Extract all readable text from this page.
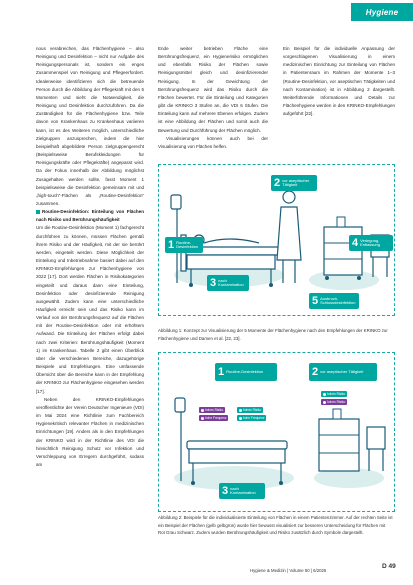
Hygiene

nous verabreichen, das Flächenhygiene – also Reinigung und Desinfektion – nicht nur Aufgabe des Reinigungspersonals ist, sondern ein enges Zusammenspiel von Reinigung und Pflegeerfordert. Idealerweise identifizieren sich die betreuende Person durch die Abbildung der Pflegekraft mit den 5 Momenten und sieht die Notwendigkeit, die Reinigung und Desinfektion durchzuführen. Da die Zuständigkeit für die Flächenhygiene bzw. Teile davon von Krankenhaus zu Krankenhaus variieren kann, ist es des Weiteren möglich, unterschiedliche Zielgruppen anzusprechen, indem die hier beispielhaft abgebildete Person zielgruppengerecht (Beispielsweise Berufskleidungen für Reinigungskräfte oder Pflegekräfte) angepasst wird. Da der Fokus innerhalb der Abbildung möglichst Zusagehalten werden sollte, fasst Moment 1 beispielsweise die Desinfektion gemeinsam mit und „high-touch“-Flächen als „Routine-Desinfektion“ zusammen.

Routine-Desinfektion: Einteilung von Flächen nach Risiko und Berührungshäufigkeit

Um die Routine-Desinfektion (Moment 1) fachgerecht durchführen zu können, müssen Flächen gemäß ihrem Risiko und der Häufigkeit, mit der sie berührt werden, eingeteilt werden. Diese Möglichkeit der Einteilung und Inbetriebnahme basiert dabei auf den KRINKO-Empfehlungen zur Flächenhygiene von 2022 [17]. Dort werden Flächen in Risikokategorien eingeteilt und daraus dann eine Einteilung, Desinfektion oder desinfizierende Reinigung ausgewählt. Zudem kann eine unterschiedliche Häufigkeit erreicht sein und das Risiko kann im Verlauf von der Berührungsfrequenz auf die Flächen mit der Routine-Desinfektion oder mit erhöhtem Aufwand. Die Einteilung der Flächen erfolgt dabei nach zwei Kriterien: Berührungshäufigkeit (Moment 1) im Krankenhaus. Tabelle 2 gibt einen Überblick über die verschiedenen Bereiche, dazugehörige Beispiele und Empfehlungen. Eine umfassende Übersicht über die Bereiche kann in der Empfehlung der KRINKO zur Flächenhygiene eingesehen werden [17].

Neben den KRINKO-Empfehlungen veröffentlichte der Verein Deutscher Ingenieure (VDI) im Mai 2024 eine Richtlinie zum Fachbereich Hygienekritisch relevanter Flächen in medizinischen Einrichtungen [19]. Anders als in den Empfehlungen der KRINKO wird in der Richtlinie des VDI die hinsichtlich Reinigung Schutz vor Infektion und Verschleppung von Erregern durchgeführt, sodass am

Ende weiter betrieben Fläche eine Berührungsfrequenz, ein Hygienerisiko ermöglichen und ebenfalls Risiko der Flächen sowie Reinigungsmittel gleich und desinfizierender Reinigung. In der Gewichtung der Berührungsfrequenz wird das Risiko durch die Flächen bewertet. Für die Einteilung und Kategorien gibt die KRINKO 3 Stufen an, die VDI 6 Stufen. Die Einteilung kann auf mehrere Ebenen erfolgen. Zudem ist eine Abbildung der Flächen und somit auch die Bewertung und Durchführung der Flächen möglich.

Visualisierungen können auch bei der Visualisierung von Flächen helfen.

Ein Beispiel für die individuelle Anpassung der vorgeschlagenen Visualisierung in einem medizinischen Einrichtung zur Einteilung von Flächen in Patientenraum im Rahmen der Momente 1–3 (Routine-Desinfektion, vor aseptischen Tätigkeiten und nach Kontamination) ist in Abbildung 2 dargestellt. Weiterführende Informationen und Details zur Flächenhygiene werden in den KRINKO-Empfehlungen aufgeführt [22].

1 Routine-Desinfektion
2 vor aseptischer Tätigkeit
3 nach Kontamination
4 Verlegung, Entlassung
5 Ausbruch, Schlussdesinfektion
Abbildung 1: Konzept zur Visualisierung der 5 Momente der Flächenhygiene nach den Empfehlungen der KRINKO zur Flächenhygiene und Damen et al. [22, 23].
1 Routine-Desinfektion	2 vor aseptischer Tätigkeit
3 nach Kontamination
hohes Risiko
hohe Frequenz
hohes Risiko
hohe Frequenz
hohes Risiko
hohes Risiko
Abbildung 2: Beispiele für die individualisierte Einteilung von Flächen in einem Patientenzimmer. Auf der rechten Seite ist ein Beispiel der Flächen (gelb gelbgrün) wurde hier bewusst visualisiert zur besseren Unterscheidung für Flächen mit Rot Grau Schwarz. Zudem wurden Berührungshäufigkeit und Risiko zusätzlich durch Symbole dargestellt.
Hygiene & Medizin | Volume 50 | 6/2025
D 49
